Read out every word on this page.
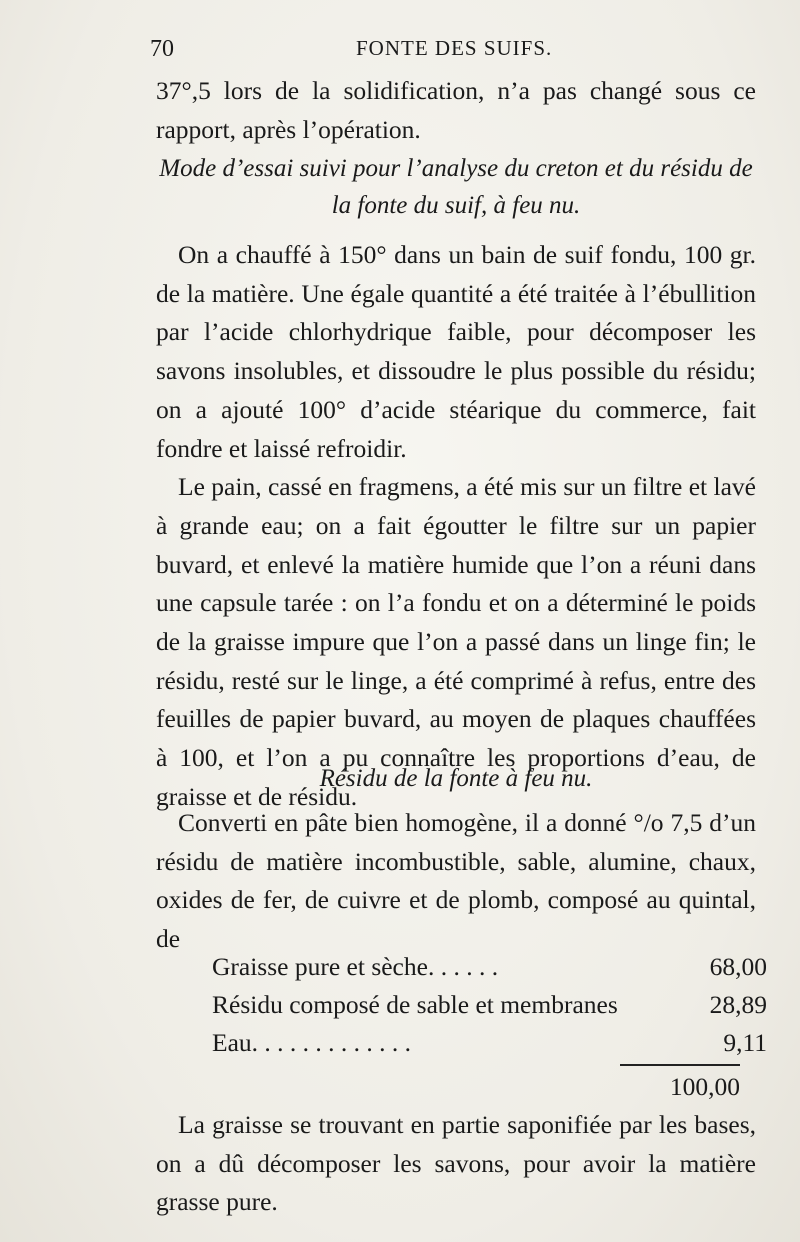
70	FONTE DES SUIFS.

37°,5 lors de la solidification, n’a pas changé sous ce rapport, après l’opération.

Mode d’essai suivi pour l’analyse du creton et du résidu de

la fonte du suif, à feu nu.

On a chauffé à 150° dans un bain de suif fondu, 100 gr. de la matière. Une égale quantité a été traitée à l’ébullition par l’acide chlorhydrique faible, pour décomposer les savons insolubles, et dissoudre le plus possible du résidu; on a ajouté 100° d’acide stéarique du commerce, fait fondre et laissé refroidir.

Le pain, cassé en fragmens, a été mis sur un filtre et lavé à grande eau; on a fait égoutter le filtre sur un papier buvard, et enlevé la matière humide que l’on a réuni dans une capsule tarée : on l’a fondu et on a déterminé le poids de la graisse impure que l’on a passé dans un linge fin; le résidu, resté sur le linge, a été comprimé à refus, entre des feuilles de papier buvard, au moyen de plaques chauffées à 100, et l’on a pu connaître les proportions d’eau, de graisse et de résidu.

Résidu de la fonte à feu nu.

Converti en pâte bien homogène, il a donné °/o 7,5 d’un résidu de matière incombustible, sable, alumine, chaux, oxides de fer, de cuivre et de plomb, composé au quintal, de

Graisse pure et sèche. . . . . .	68,00
Résidu composé de sable et membranes	28,89
Eau. . . . . . . . . . . . .	9,11
100,00

La graisse se trouvant en partie saponifiée par les bases, on a dû décomposer les savons, pour avoir la matière grasse pure.
